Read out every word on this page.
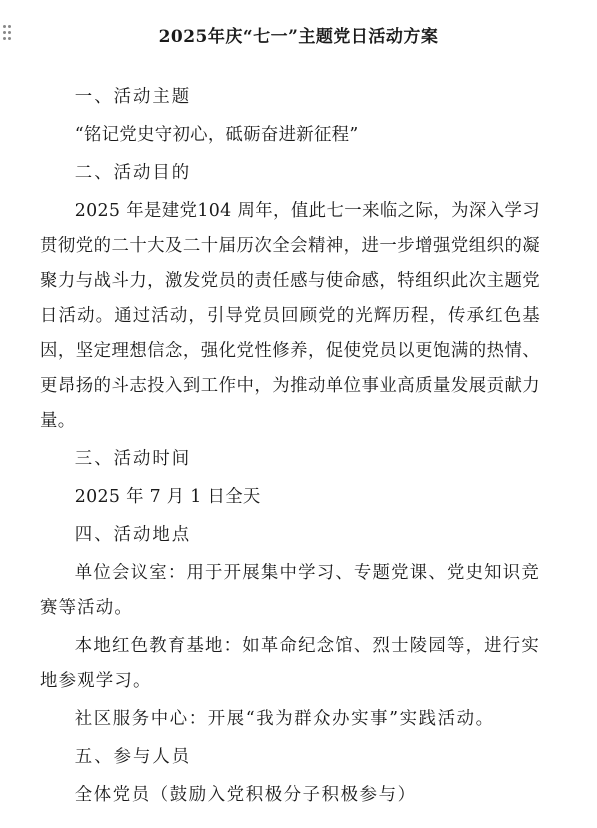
2025年庆“七一”主题党日活动方案

一、活动主题

“铭记党史守初心，砥砺奋进新征程”

二、活动目的

2025 年是建党104 周年，值此七一来临之际，为深入学习贯彻党的二十大及二十届历次全会精神，进一步增强党组织的凝聚力与战斗力，激发党员的责任感与使命感，特组织此次主题党日活动。通过活动，引导党员回顾党的光辉历程，传承红色基因，坚定理想信念，强化党性修养，促使党员以更饱满的热情、更昂扬的斗志投入到工作中，为推动单位事业高质量发展贡献力量。

三、活动时间

2025 年 7 月 1 日全天

四、活动地点

单位会议室：用于开展集中学习、专题党课、党史知识竞赛等活动。

本地红色教育基地：如革命纪念馆、烈士陵园等，进行实地参观学习。

社区服务中心：开展“我为群众办实事”实践活动。

五、参与人员

全体党员（鼓励入党积极分子积极参与）
